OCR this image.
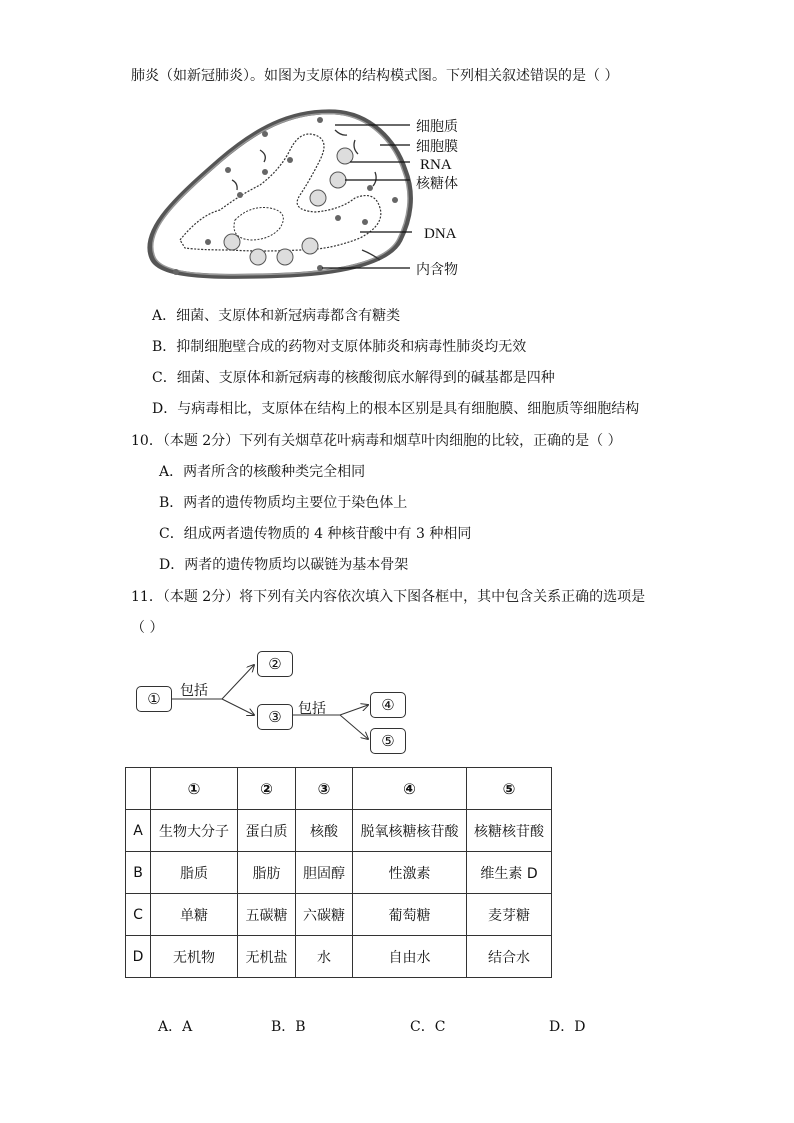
肺炎（如新冠肺炎）。如图为支原体的结构模式图。下列相关叙述错误的是（ ）
细胞质
细胞膜
RNA
核糖体
DNA
内含物
A．细菌、支原体和新冠病毒都含有糖类
B．抑制细胞壁合成的药物对支原体肺炎和病毒性肺炎均无效
C．细菌、支原体和新冠病毒的核酸彻底水解得到的碱基都是四种
D．与病毒相比，支原体在结构上的根本区别是具有细胞膜、细胞质等细胞结构
10．（本题 2分）下列有关烟草花叶病毒和烟草叶肉细胞的比较，正确的是（ ）
A．两者所含的核酸种类完全相同
B．两者的遗传物质均主要位于染色体上
C．组成两者遗传物质的 4 种核苷酸中有 3 种相同
D．两者的遗传物质均以碳链为基本骨架
11．（本题 2分）将下列有关内容依次填入下图各框中，其中包含关系正确的选项是
（ ）
①
②
③
④
⑤
包括
包括
	①	②	③	④	⑤
A	生物大分子	蛋白质	核酸	脱氧核糖核苷酸	核糖核苷酸
B	脂质	脂肪	胆固醇	性激素	维生素 D
C	单糖	五碳糖	六碳糖	葡萄糖	麦芽糖
D	无机物	无机盐	水	自由水	结合水
A．A	B．B	C．C	D．D
